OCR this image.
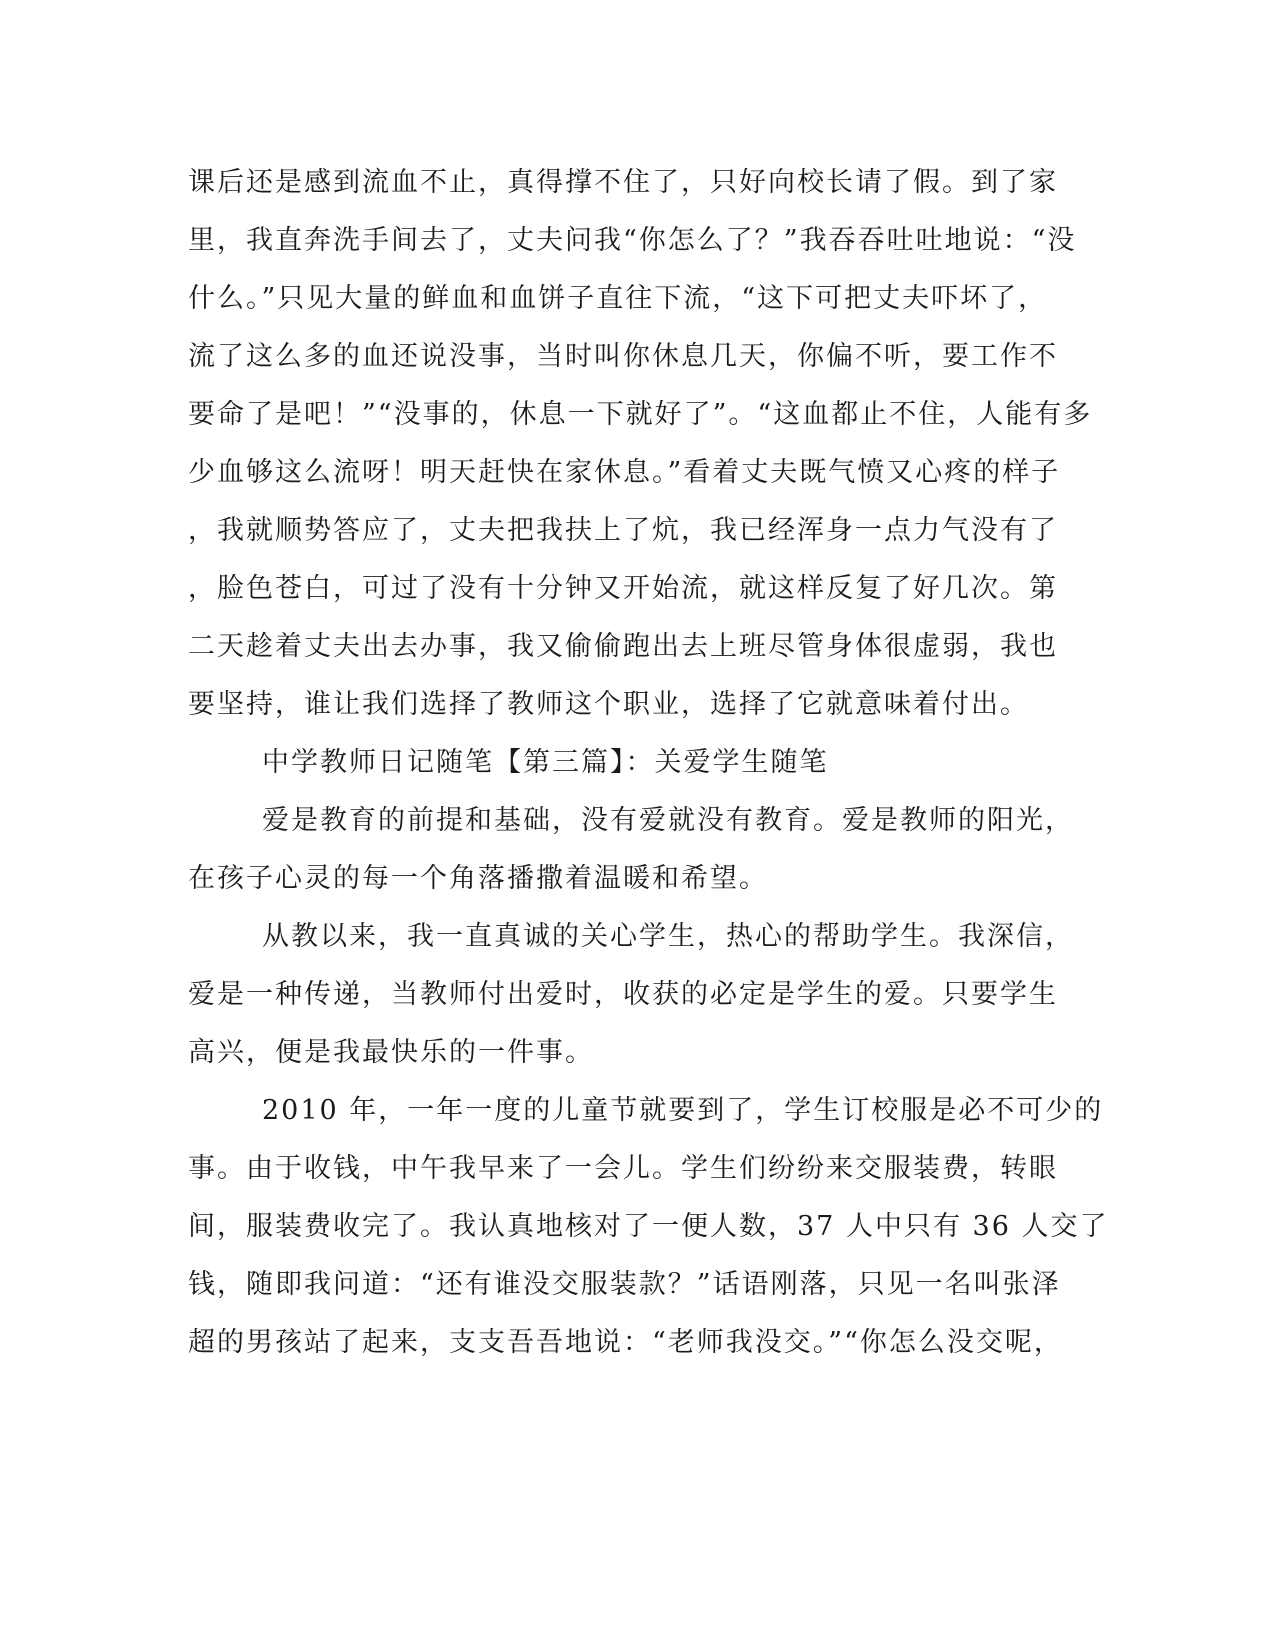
课后还是感到流血不止，真得撑不住了，只好向校长请了假。到了家
里，我直奔洗手间去了，丈夫问我“你怎么了？”我吞吞吐吐地说：“没
什么。”只见大量的鲜血和血饼子直往下流，“这下可把丈夫吓坏了，
流了这么多的血还说没事，当时叫你休息几天，你偏不听，要工作不
要命了是吧！”“没事的，休息一下就好了”。“这血都止不住，人能有多
少血够这么流呀！明天赶快在家休息。”看着丈夫既气愤又心疼的样子
，我就顺势答应了，丈夫把我扶上了炕，我已经浑身一点力气没有了
，脸色苍白，可过了没有十分钟又开始流，就这样反复了好几次。第
二天趁着丈夫出去办事，我又偷偷跑出去上班尽管身体很虚弱，我也
要坚持，谁让我们选择了教师这个职业，选择了它就意味着付出。
中学教师日记随笔【第三篇】：关爱学生随笔
爱是教育的前提和基础，没有爱就没有教育。爱是教师的阳光，
在孩子心灵的每一个角落播撒着温暖和希望。
从教以来，我一直真诚的关心学生，热心的帮助学生。我深信，
爱是一种传递，当教师付出爱时，收获的必定是学生的爱。只要学生
高兴，便是我最快乐的一件事。
2010 年，一年一度的儿童节就要到了，学生订校服是必不可少的
事。由于收钱，中午我早来了一会儿。学生们纷纷来交服装费，转眼
间，服装费收完了。我认真地核对了一便人数，37 人中只有 36 人交了
钱，随即我问道：“还有谁没交服装款？”话语刚落，只见一名叫张泽
超的男孩站了起来，支支吾吾地说：“老师我没交。”“你怎么没交呢，
